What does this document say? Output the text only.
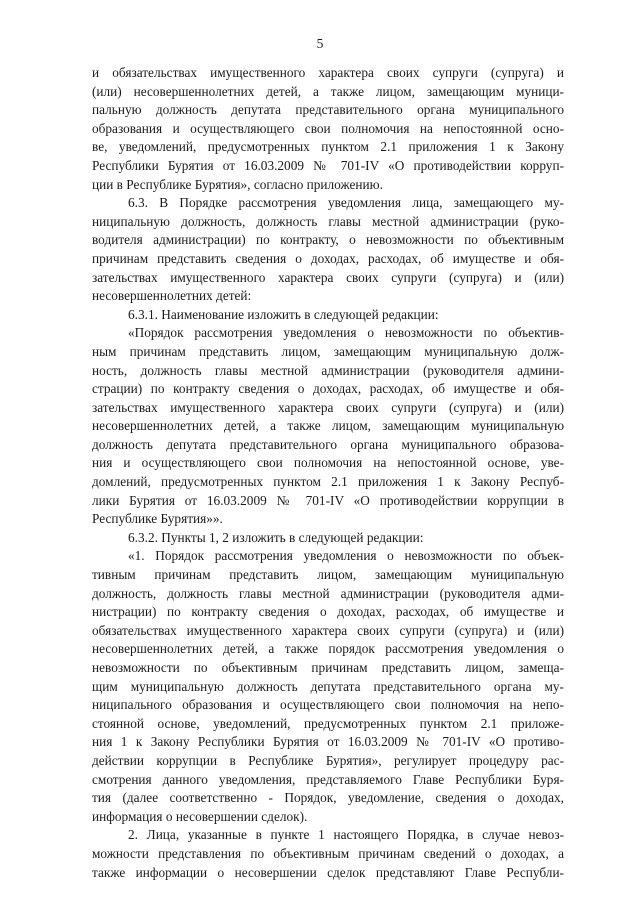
5
и обязательствах имущественного характера своих супруги (супруга) и
(или) несовершеннолетних детей, а также лицом, замещающим муници-
пальную должность депутата представительного органа муниципального
образования и осуществляющего свои полномочия на непостоянной осно-
ве, уведомлений, предусмотренных пунктом 2.1 приложения 1 к Закону
Республики Бурятия от 16.03.2009 № 701-IV «О противодействии корруп-
ции в Республике Бурятия», согласно приложению.
6.3. В Порядке рассмотрения уведомления лица, замещающего му-
ниципальную должность, должность главы местной администрации (руко-
водителя администрации) по контракту, о невозможности по объективным
причинам представить сведения о доходах, расходах, об имуществе и обя-
зательствах имущественного характера своих супруги (супруга) и (или)
несовершеннолетних детей:
6.3.1. Наименование изложить в следующей редакции:
«Порядок рассмотрения уведомления о невозможности по объектив-
ным причинам представить лицом, замещающим муниципальную долж-
ность, должность главы местной администрации (руководителя админи-
страции) по контракту сведения о доходах, расходах, об имуществе и обя-
зательствах имущественного характера своих супруги (супруга) и (или)
несовершеннолетних детей, а также лицом, замещающим муниципальную
должность депутата представительного органа муниципального образова-
ния и осуществляющего свои полномочия на непостоянной основе, уве-
домлений, предусмотренных пунктом 2.1 приложения 1 к Закону Респуб-
лики Бурятия от 16.03.2009 № 701-IV «О противодействии коррупции в
Республике Бурятия»».
6.3.2. Пункты 1, 2 изложить в следующей редакции:
«1. Порядок рассмотрения уведомления о невозможности по объек-
тивным причинам представить лицом, замещающим муниципальную
должность, должность главы местной администрации (руководителя адми-
нистрации) по контракту сведения о доходах, расходах, об имуществе и
обязательствах имущественного характера своих супруги (супруга) и (или)
несовершеннолетних детей, а также порядок рассмотрения уведомления о
невозможности по объективным причинам представить лицом, замеща-
щим муниципальную должность депутата представительного органа му-
ниципального образования и осуществляющего свои полномочия на непо-
стоянной основе, уведомлений, предусмотренных пунктом 2.1 приложе-
ния 1 к Закону Республики Бурятия от 16.03.2009 № 701-IV «О противо-
действии коррупции в Республике Бурятия», регулирует процедуру рас-
смотрения данного уведомления, представляемого Главе Республики Буря-
тия (далее соответственно - Порядок, уведомление, сведения о доходах,
информация о несовершении сделок).
2. Лица, указанные в пункте 1 настоящего Порядка, в случае невоз-
можности представления по объективным причинам сведений о доходах, а
также информации о несовершении сделок представляют Главе Республи-
